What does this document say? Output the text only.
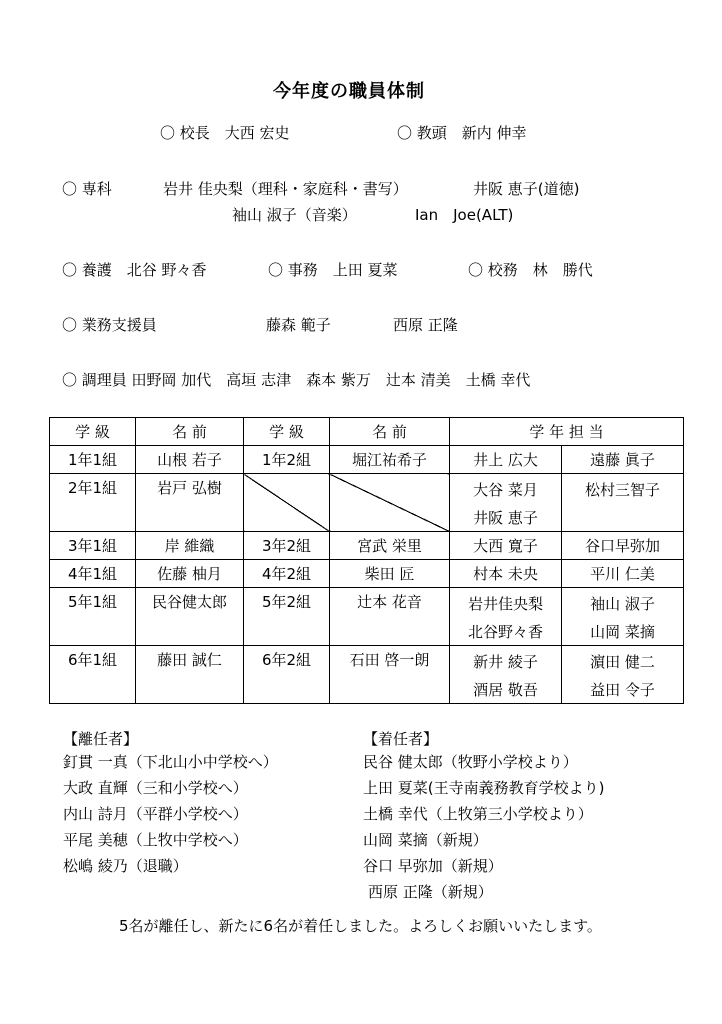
今年度の職員体制
〇 校長　大西 宏史	〇 教頭　新内 伸幸
〇 専科	岩井 佳央梨（理科・家庭科・書写）	井阪 恵子(道徳)
袖山 淑子（音楽）	Ian　Joe(ALT)
〇 養護　北谷 野々香	〇 事務　上田 夏菜	〇 校務　林　勝代
〇 業務支援員	藤森 範子	西原 正隆
〇 調理員 田野岡 加代　高垣 志津　森本 紫万　辻本 清美　土橋 幸代
学 級	名 前	学 級	名 前	学 年 担 当	
1年1組	山根 若子	1年2組	堀江祐希子	井上 広大	遠藤 眞子
2年1組	岩戸 弘樹			大谷 菜月	松村三智子
				井阪 恵子	
3年1組	岸 維織	3年2組	宮武 栄里	大西 寛子	谷口早弥加
4年1組	佐藤 柚月	4年2組	柴田 匠	村本 未央	平川 仁美
5年1組	民谷健太郎	5年2組	辻本 花音	岩井佳央梨	袖山 淑子
				北谷野々香	山岡 菜摘
6年1組	藤田 誠仁	6年2組	石田 啓一朗	新井 綾子	濵田 健二
				酒居 敬吾	益田 令子
【離任者】
釘貫 一真（下北山小中学校へ）
大政 直輝（三和小学校へ）
内山 詩月（平群小学校へ）
平尾 美穂（上牧中学校へ）
松嶋 綾乃（退職）
【着任者】
民谷 健太郎（牧野小学校より）
上田 夏菜(王寺南義務教育学校より)
土橋 幸代（上牧第三小学校より）
山岡 菜摘（新規）
谷口 早弥加（新規）
西原 正隆（新規）
5名が離任し、新たに6名が着任しました。よろしくお願いいたします。
